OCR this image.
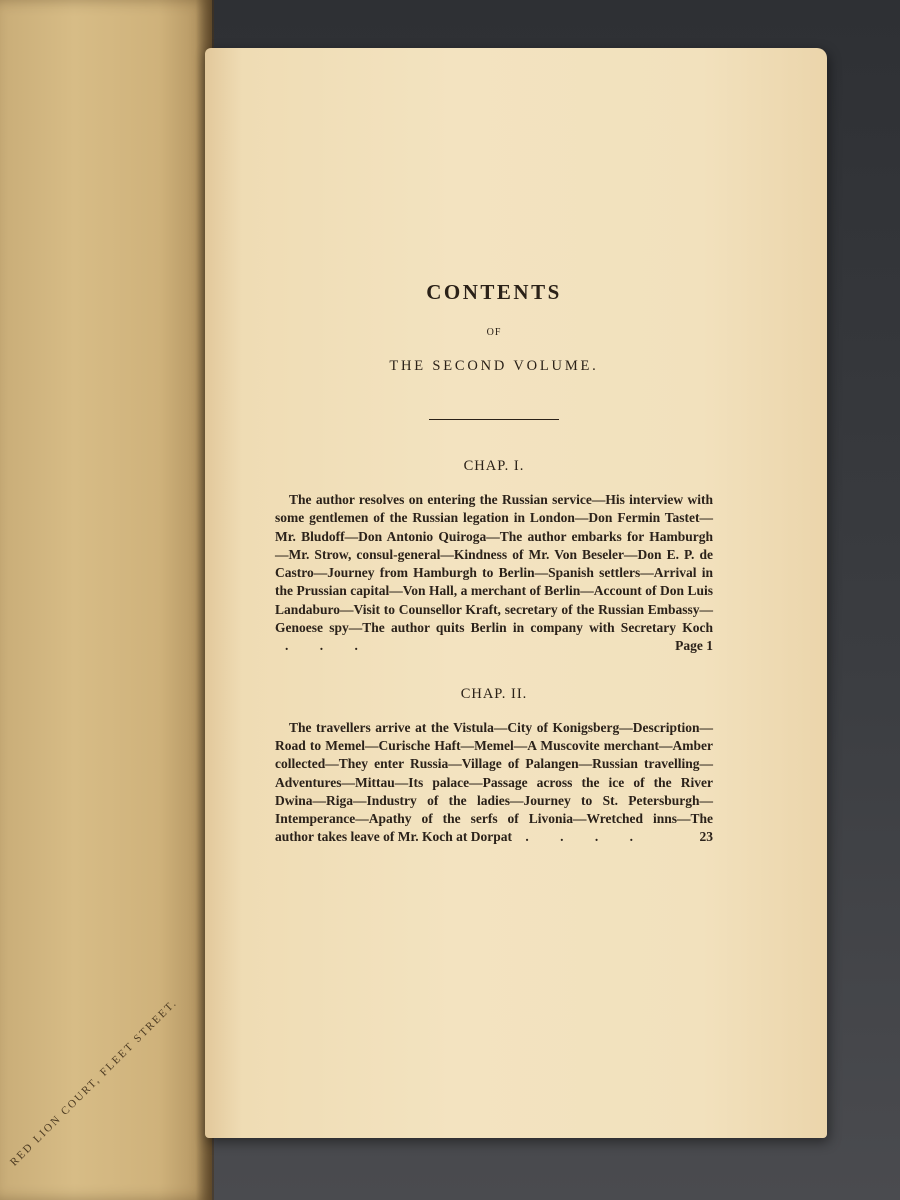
RED LION COURT, FLEET STREET.
CONTENTS
OF
THE SECOND VOLUME.
CHAP. I.
The author resolves on entering the Russian service—His interview with some gentlemen of the Russian legation in London—Don Fermin Tastet—Mr. Bludoff—Don Antonio Quiroga—The author embarks for Hamburgh—Mr. Strow, consul-general—Kindness of Mr. Von Beseler—Don E. P. de Castro—Journey from Hamburgh to Berlin—Spanish settlers—Arrival in the Prussian capital—Von Hall, a merchant of Berlin—Account of Don Luis Landaburo—Visit to Counsellor Kraft, secretary of the Russian Embassy—Genoese spy—The author quits Berlin in company with Secretary Koch . . .	Page 1
CHAP. II.
The travellers arrive at the Vistula—City of Konigsberg—Description—Road to Memel—Curische Haft—Memel—A Muscovite merchant—Amber collected—They enter Russia—Village of Palangen—Russian travelling—Adventures—Mittau—Its palace—Passage across the ice of the River Dwina—Riga—Industry of the ladies—Journey to St. Petersburgh—Intemperance—Apathy of the serfs of Livonia—Wretched inns—The author takes leave of Mr. Koch at Dorpat . . . .	23
